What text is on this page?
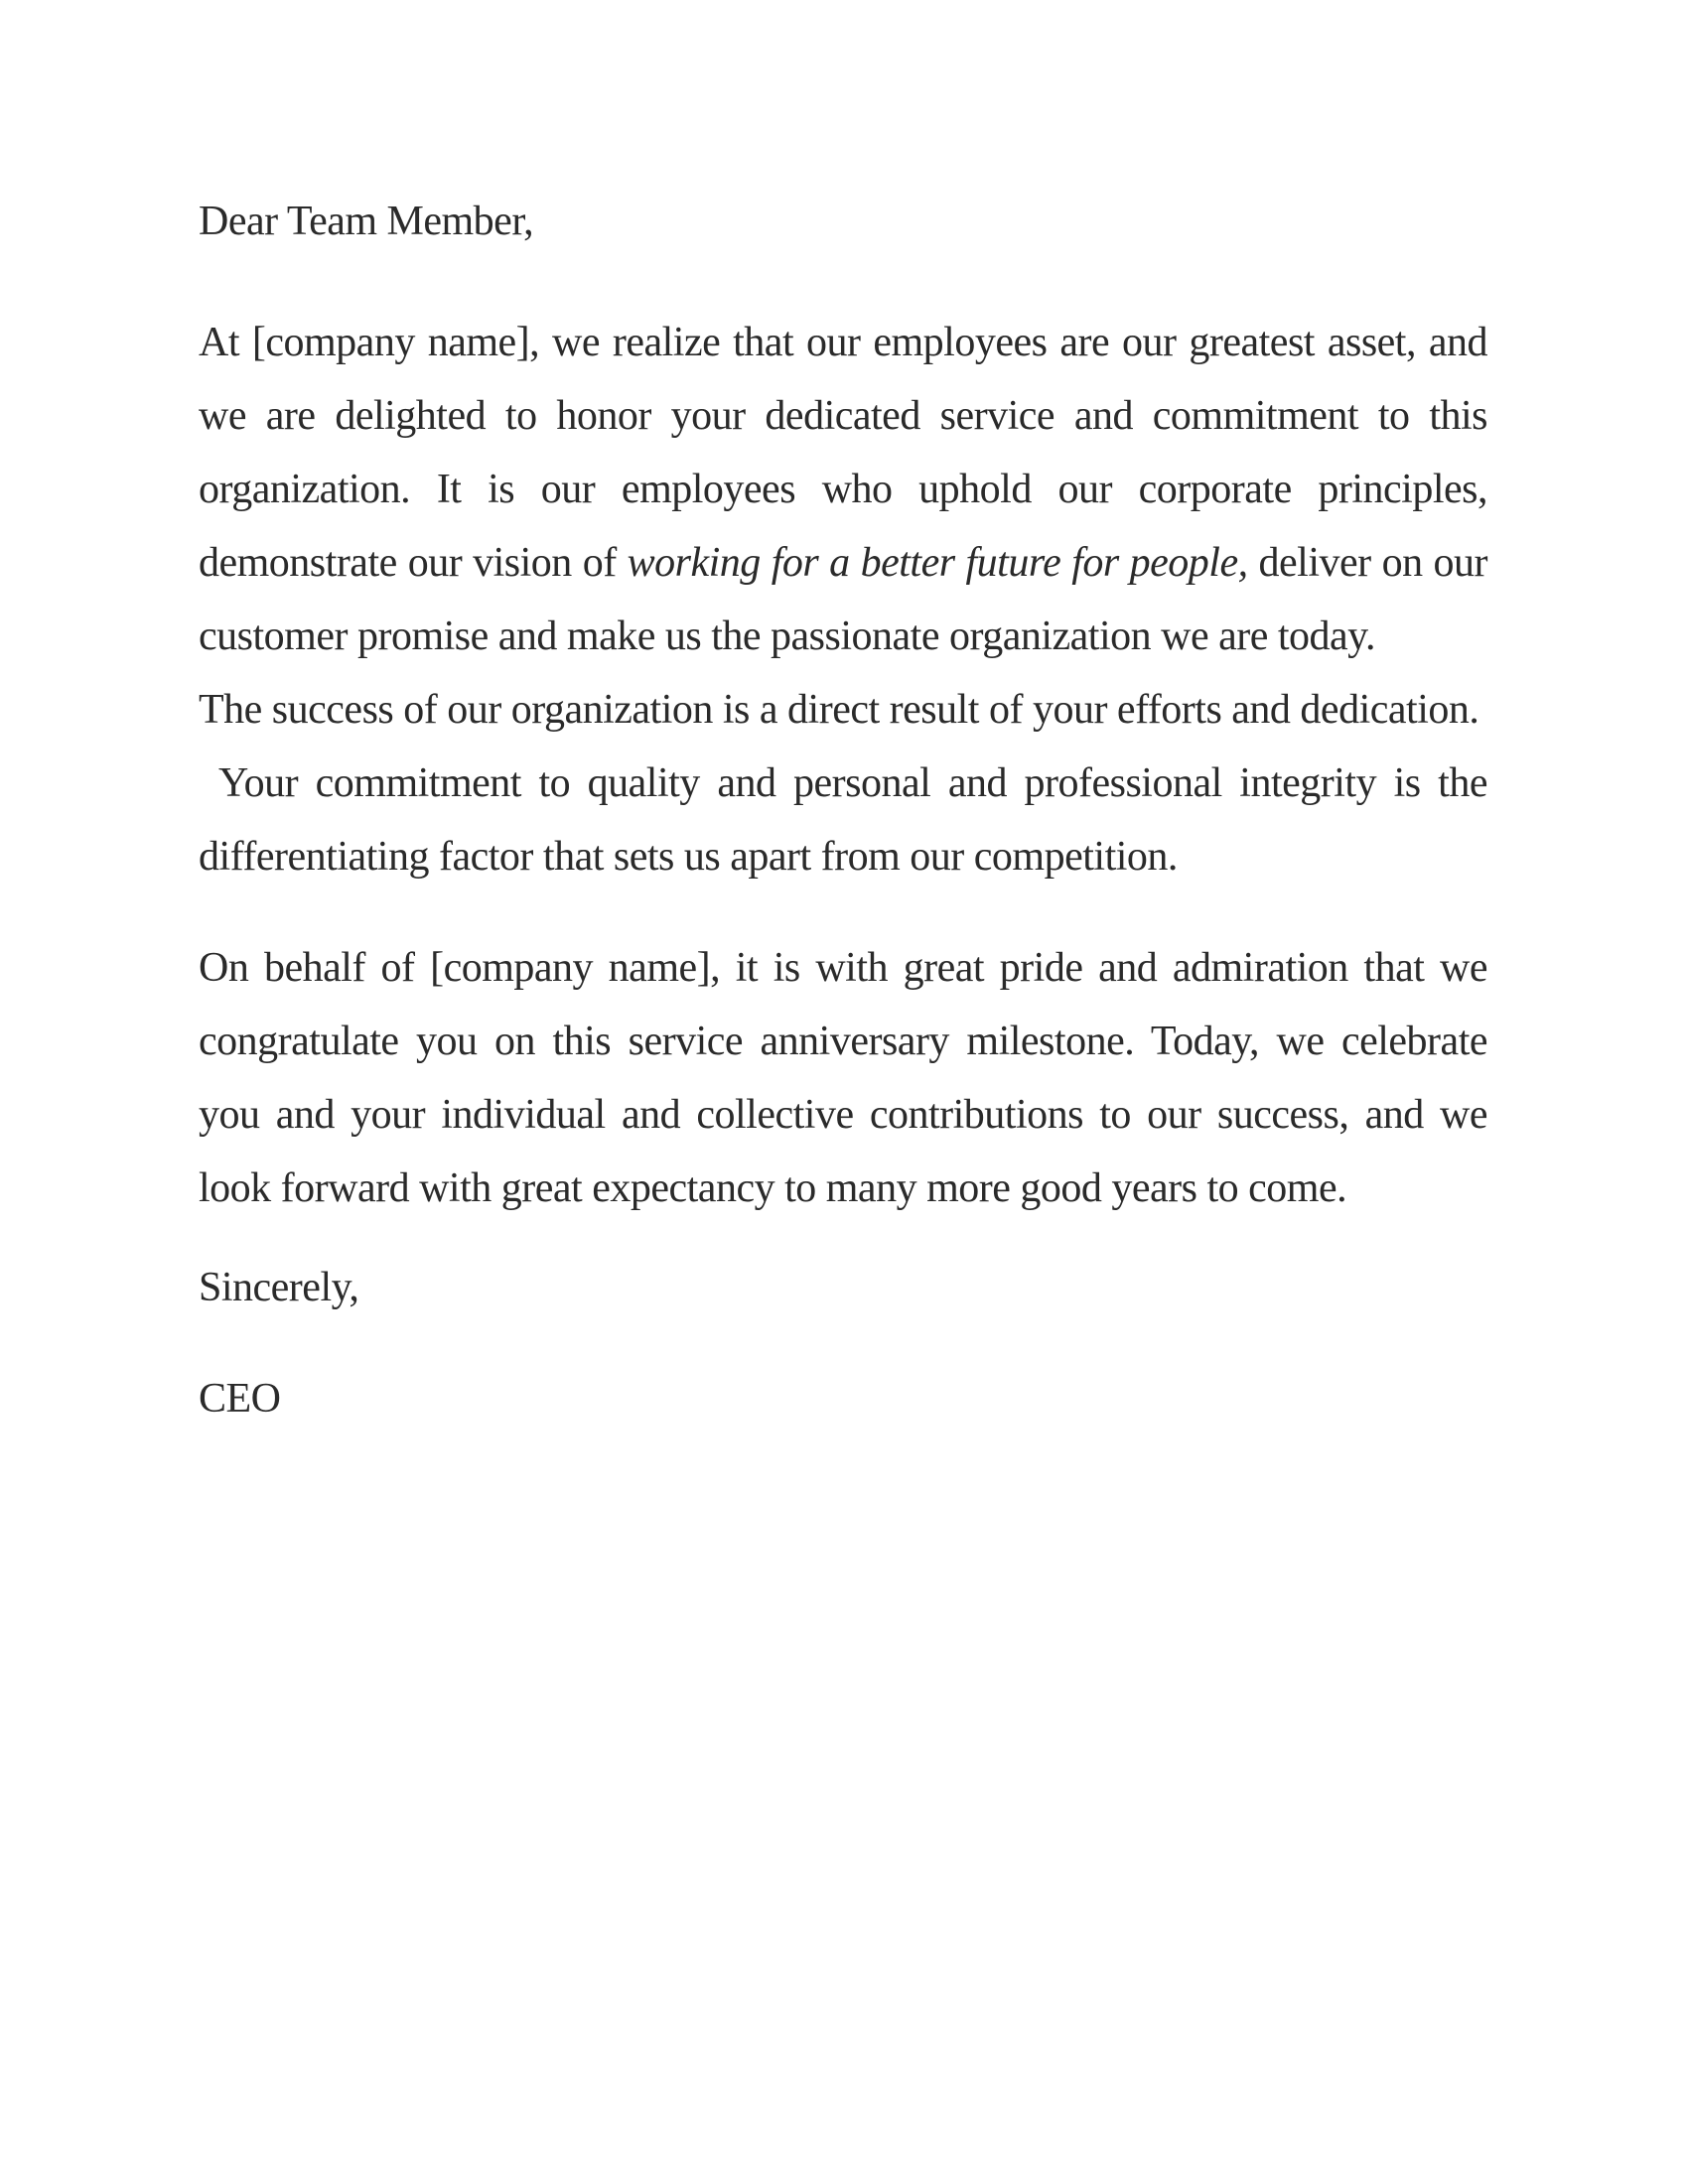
Dear Team Member,

At [company name], we realize that our employees are our greatest asset, and we are delighted to honor your dedicated service and commitment to this organization. It is our employees who uphold our corporate principles, demonstrate our vision of working for a better future for people, deliver on our customer promise and make us the passionate organization we are today.

The success of our organization is a direct result of your efforts and dedication.

Your commitment to quality and personal and professional integrity is the differentiating factor that sets us apart from our competition.

On behalf of [company name], it is with great pride and admiration that we congratulate you on this service anniversary milestone. Today, we celebrate you and your individual and collective contributions to our success, and we look forward with great expectancy to many more good years to come.

Sincerely,

CEO
